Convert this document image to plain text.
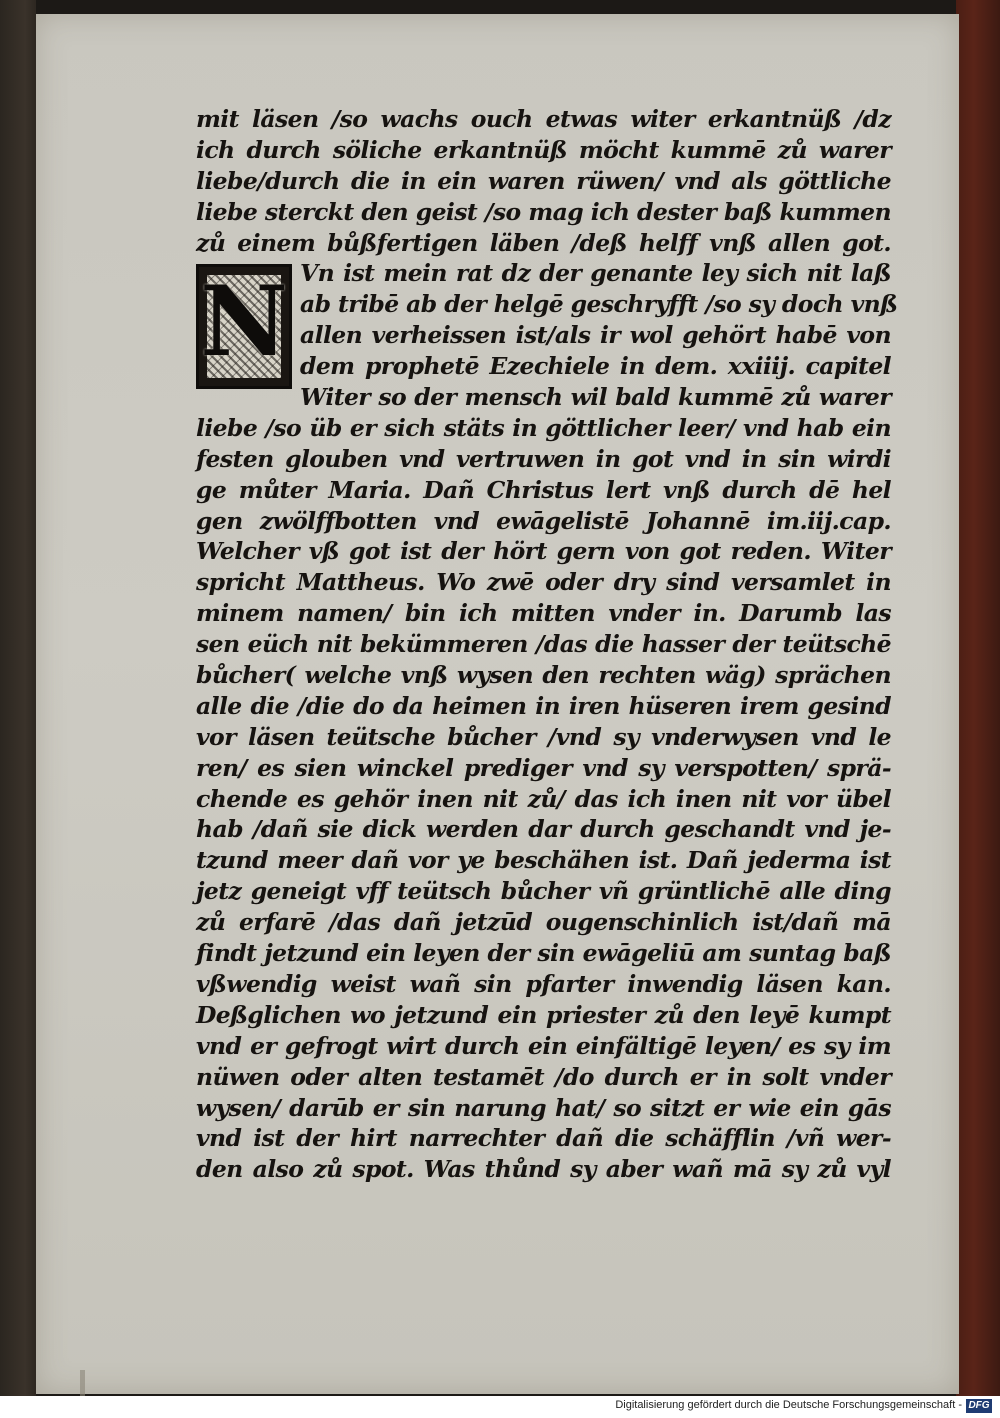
N
mit läsen /so wachs ouch etwas witer erkantnüß /dz
ich durch söliche erkantnüß möcht kummē zů warer
liebe/durch die in ein waren rüwen/ vnd als göttliche
liebe sterckt den geist /so mag ich dester baß kummen
zů einem bůßfertigen läben /deß helff vnß allen got.
Vn ist mein rat dz der genante ley sich nit laß
ab tribē ab der helgē geschryfft /so sy doch vnß
allen verheissen ist/als ir wol gehört habē von
dem prophetē Ezechiele in dem. xxiiij. capitel
Witer so der mensch wil bald kummē zů warer
liebe /so üb er sich stäts in göttlicher leer/ vnd hab ein
festen glouben vnd vertruwen in got vnd in sin wirdi
ge můter Maria. Dañ Christus lert vnß durch dē hel
gen zwölffbotten vnd ewāgelistē Johannē im.iij.cap.
Welcher vß got ist der hört gern von got reden. Witer
spricht Mattheus. Wo zwē oder dry sind versamlet in
minem namen/ bin ich mitten vnder in. Darumb las
sen eüch nit bekümmeren /das die hasser der teütschē
bůcher( welche vnß wysen den rechten wäg) sprächen
alle die /die do da heimen in iren hüseren irem gesind
vor läsen teütsche bůcher /vnd sy vnderwysen vnd le
ren/ es sien winckel prediger vnd sy verspotten/ sprä-
chende es gehör inen nit zů/ das ich inen nit vor übel
hab /dañ sie dick werden dar durch geschandt vnd je-
tzund meer dañ vor ye beschähen ist. Dañ jederma ist
jetz geneigt vff teütsch bůcher vñ grüntlichē alle ding
zů erfarē /das dañ jetzūd ougenschinlich ist/dañ mā
findt jetzund ein leyen der sin ewāgeliū am suntag baß
vßwendig weist wañ sin pfarter inwendig läsen kan.
Deßglichen wo jetzund ein priester zů den leyē kumpt
vnd er gefrogt wirt durch ein einfältigē leyen/ es sy im
nüwen oder alten testamēt /do durch er in solt vnder
wysen/ darūb er sin narung hat/ so sitzt er wie ein gās
vnd ist der hirt narrechter dañ die schäfflin /vñ wer-
den also zů spot. Was thůnd sy aber wañ mā sy zů vyl
Digitalisierung gefördert durch die Deutsche Forschungsgemeinschaft - DFG
